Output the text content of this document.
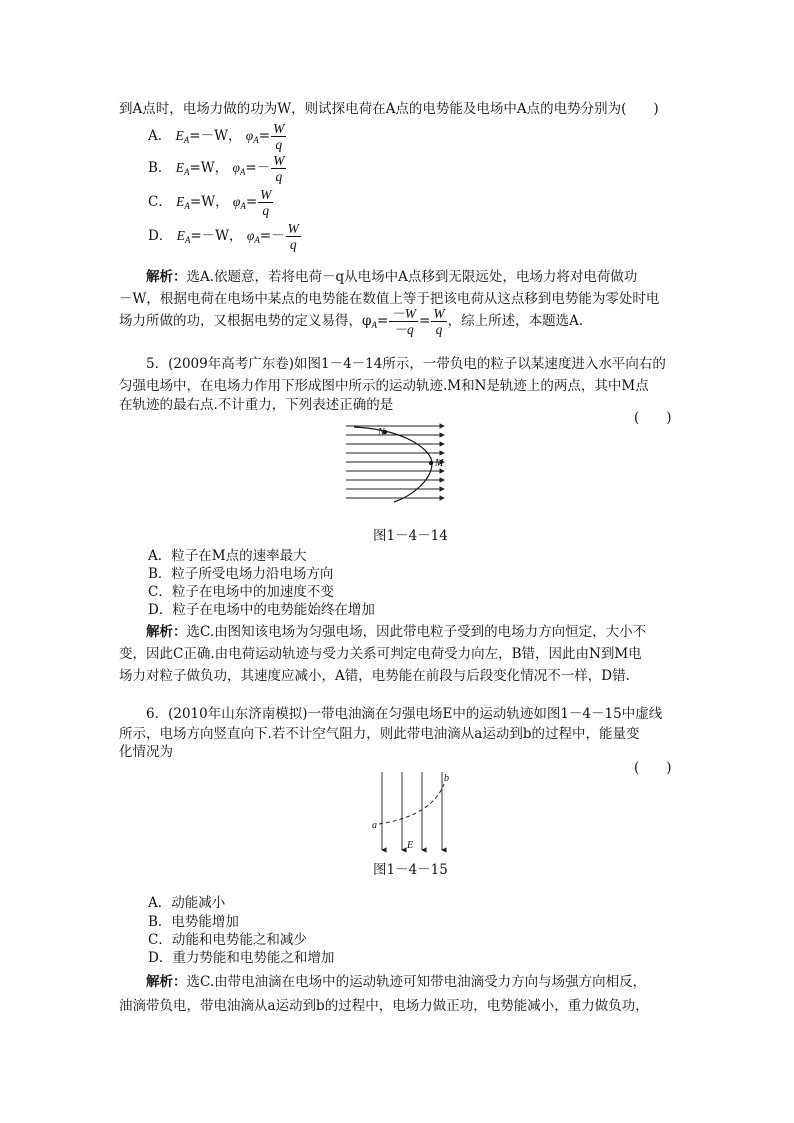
到A点时，电场力做的功为W，则试探电荷在A点的电势能及电场中A点的电势分别为(　　)
A． $E_A=-W$， $\varphi_A= \frac{W}{q}$
B． $E_A=W$， $\varphi_A=- \frac{W}{q}$
C． $E_A=W$， $\varphi_A= \frac{W}{q}$
D． $E_A=-W$， $\varphi_A=- \frac{W}{q}$
解析：选A.依题意，若将电荷－q从电场中A点移到无限远处，电场力将对电荷做功
－W，根据电荷在电场中某点的电势能在数值上等于把该电荷从这点移到电势能为零处时电
场力所做的功，又根据电势的定义易得，$\varphi_A= \frac{-W}{-q} = \frac{W}{q}$ ，综上所述，本题选A.
5．(2009年高考广东卷)如图1－4－14所示，一带负电的粒子以某速度进入水平向右的
匀强电场中，在电场力作用下形成图中所示的运动轨迹.M和N是轨迹上的两点，其中M点
在轨迹的最右点.不计重力，下列表述正确的是
(　　)
N
M
图1－4－14
A．粒子在M点的速率最大
B．粒子所受电场力沿电场方向
C．粒子在电场中的加速度不变
D．粒子在电场中的电势能始终在增加
解析：选C.由图知该电场为匀强电场，因此带电粒子受到的电场力方向恒定，大小不
变，因此C正确.由电荷运动轨迹与受力关系可判定电荷受力向左，B错，因此由N到M电
场力对粒子做负功，其速度应减小，A错，电势能在前段与后段变化情况不一样，D错.
6．(2010年山东济南模拟)一带电油滴在匀强电场E中的运动轨迹如图1－4－15中虚线
所示，电场方向竖直向下.若不计空气阻力，则此带电油滴从a运动到b的过程中，能量变
化情况为
(　　)
a
b
E
图1－4－15
A．动能减小
B．电势能增加
C．动能和电势能之和减少
D．重力势能和电势能之和增加
解析：选C.由带电油滴在电场中的运动轨迹可知带电油滴受力方向与场强方向相反，
油滴带负电，带电油滴从a运动到b的过程中，电场力做正功，电势能减小，重力做负功，
